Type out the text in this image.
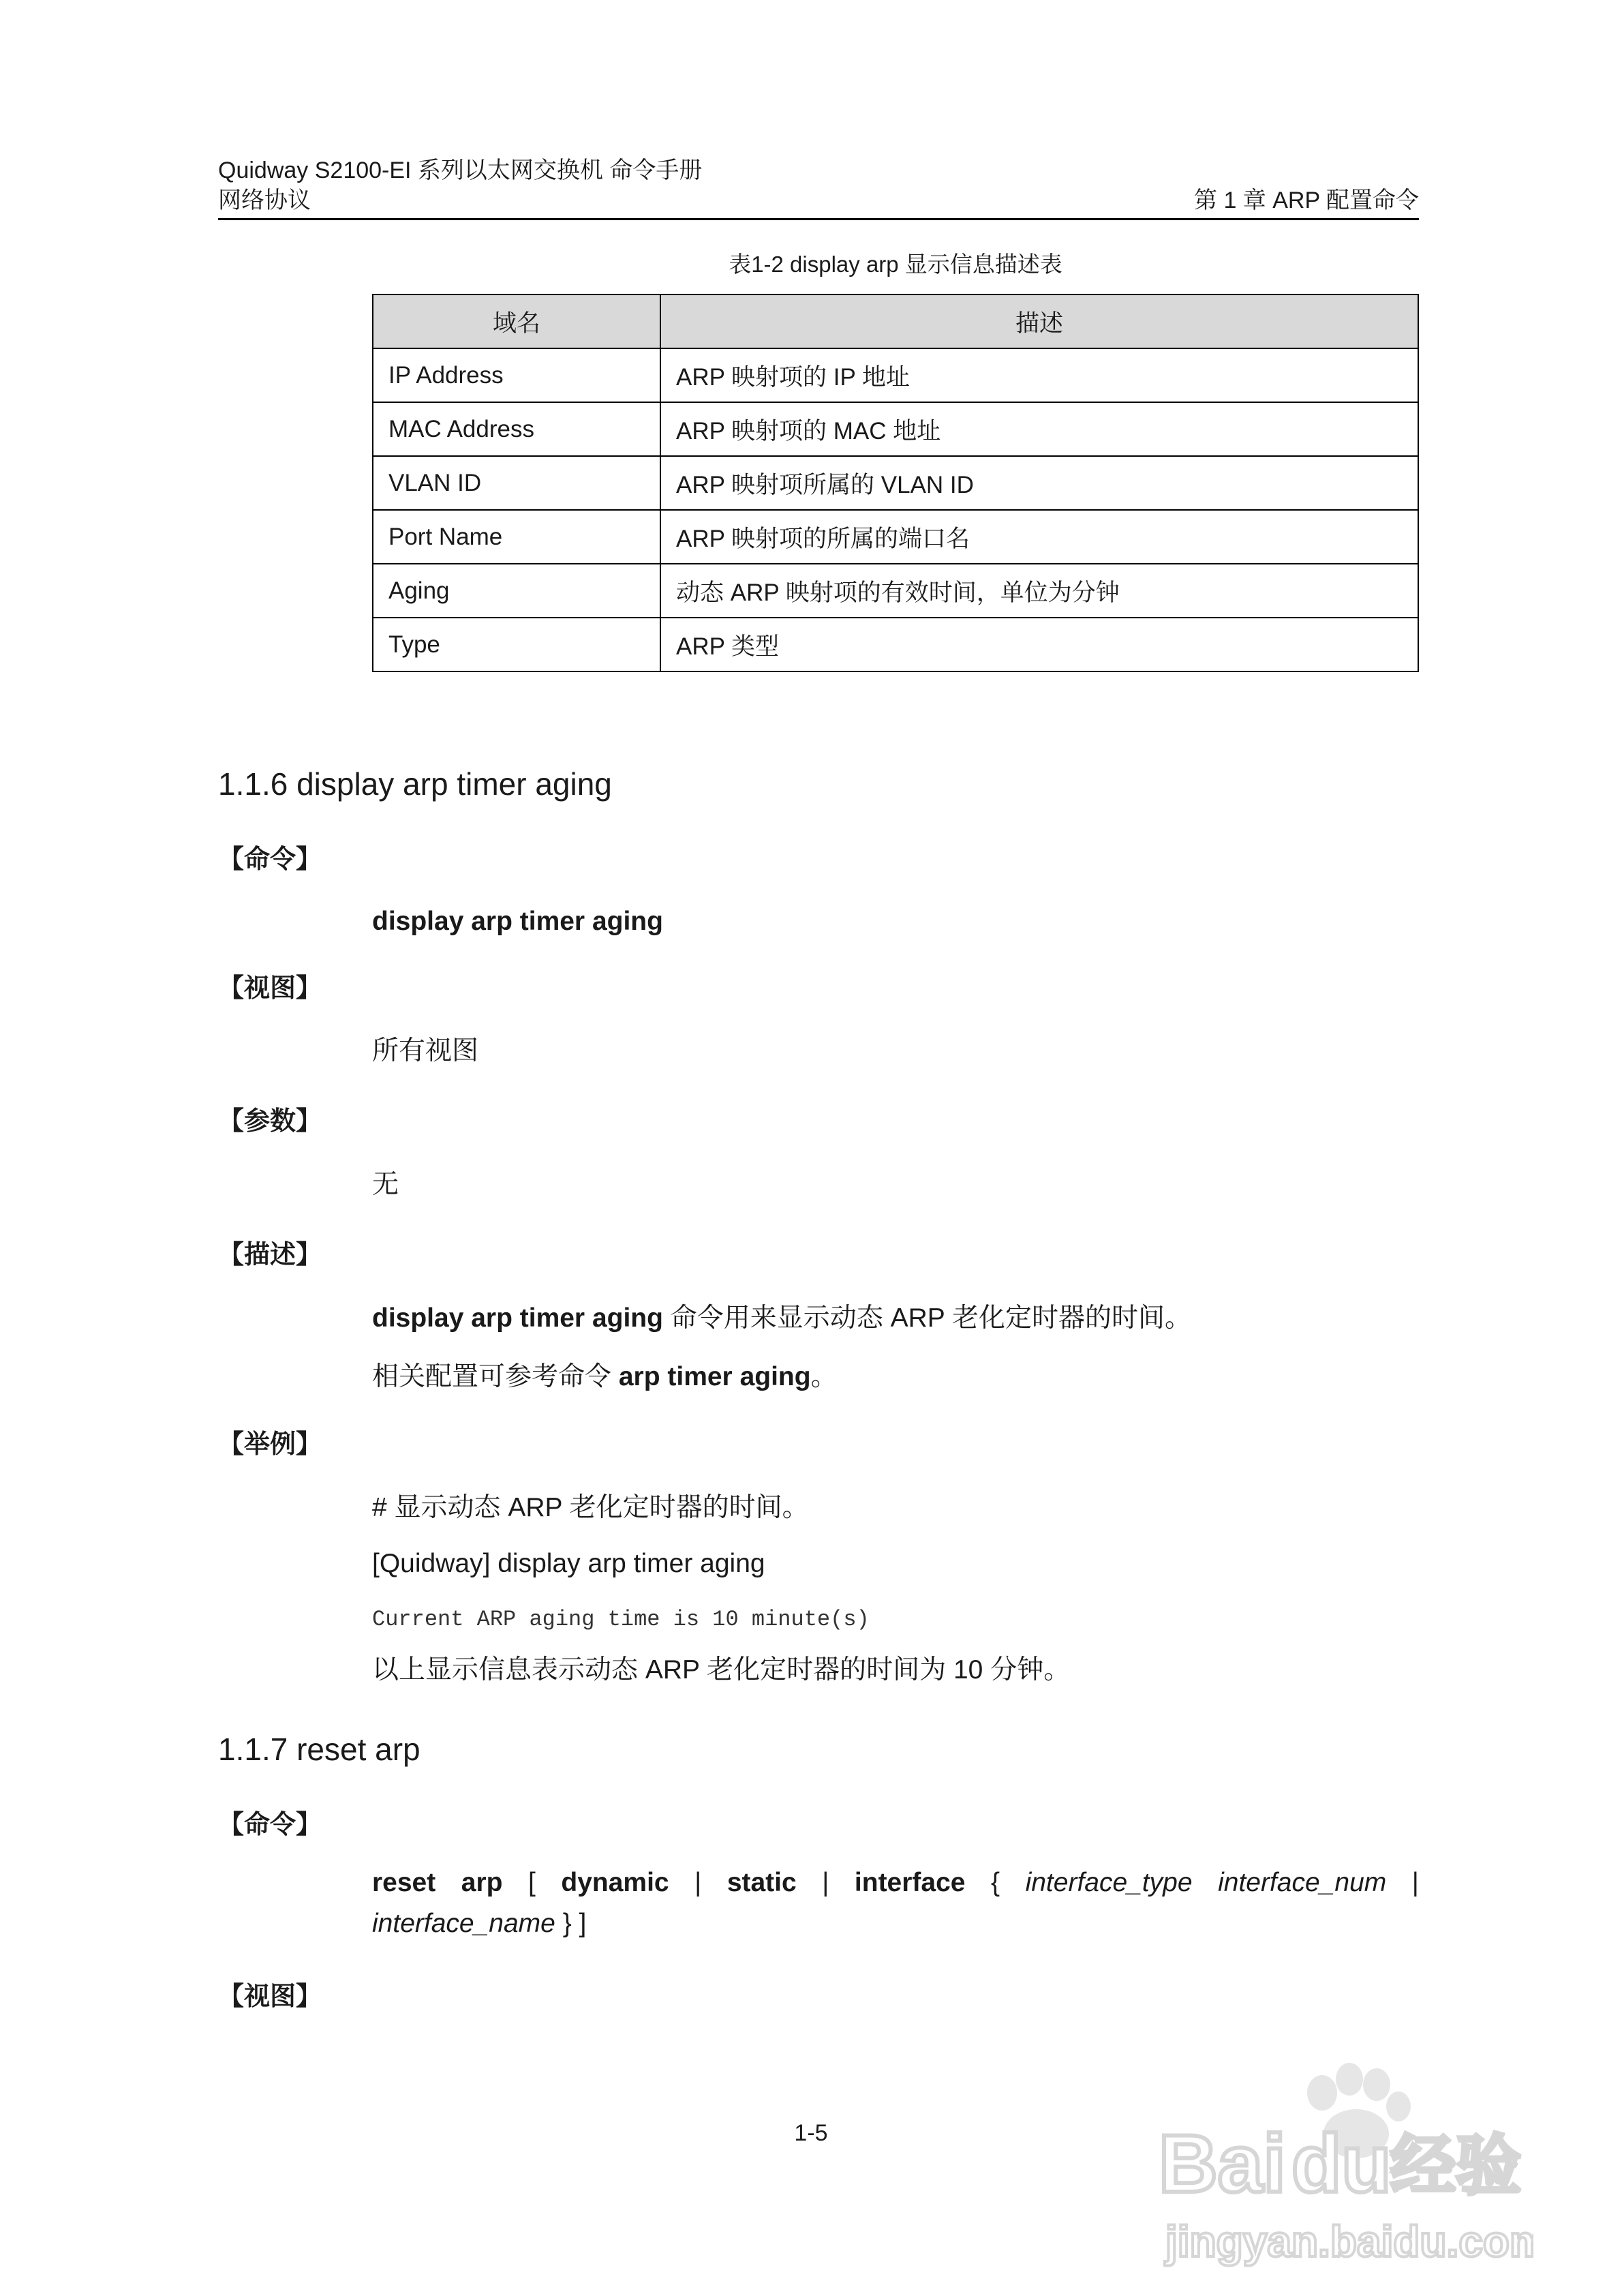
Quidway S2100-EI 系列以太网交换机 命令手册
网络协议	第 1 章 ARP 配置命令
表1-2 display arp 显示信息描述表
域名	描述
IP Address	ARP 映射项的 IP 地址
MAC Address	ARP 映射项的 MAC 地址
VLAN ID	ARP 映射项所属的 VLAN ID
Port Name	ARP 映射项的所属的端口名
Aging	动态 ARP 映射项的有效时间，单位为分钟
Type	ARP 类型
1.1.6 display arp timer aging
【命令】
display arp timer aging
【视图】
所有视图
【参数】
无
【描述】
display arp timer aging 命令用来显示动态 ARP 老化定时器的时间。
相关配置可参考命令 arp timer aging。
【举例】
# 显示动态 ARP 老化定时器的时间。
[Quidway] display arp timer aging
Current ARP aging time is 10 minute(s)
以上显示信息表示动态 ARP 老化定时器的时间为 10 分钟。
1.1.7 reset arp
【命令】
reset arp [ dynamic | static | interface { interface_type interface_num |
interface_name } ]
【视图】
1-5	Bai du
经验
jingyan.baidu.com
